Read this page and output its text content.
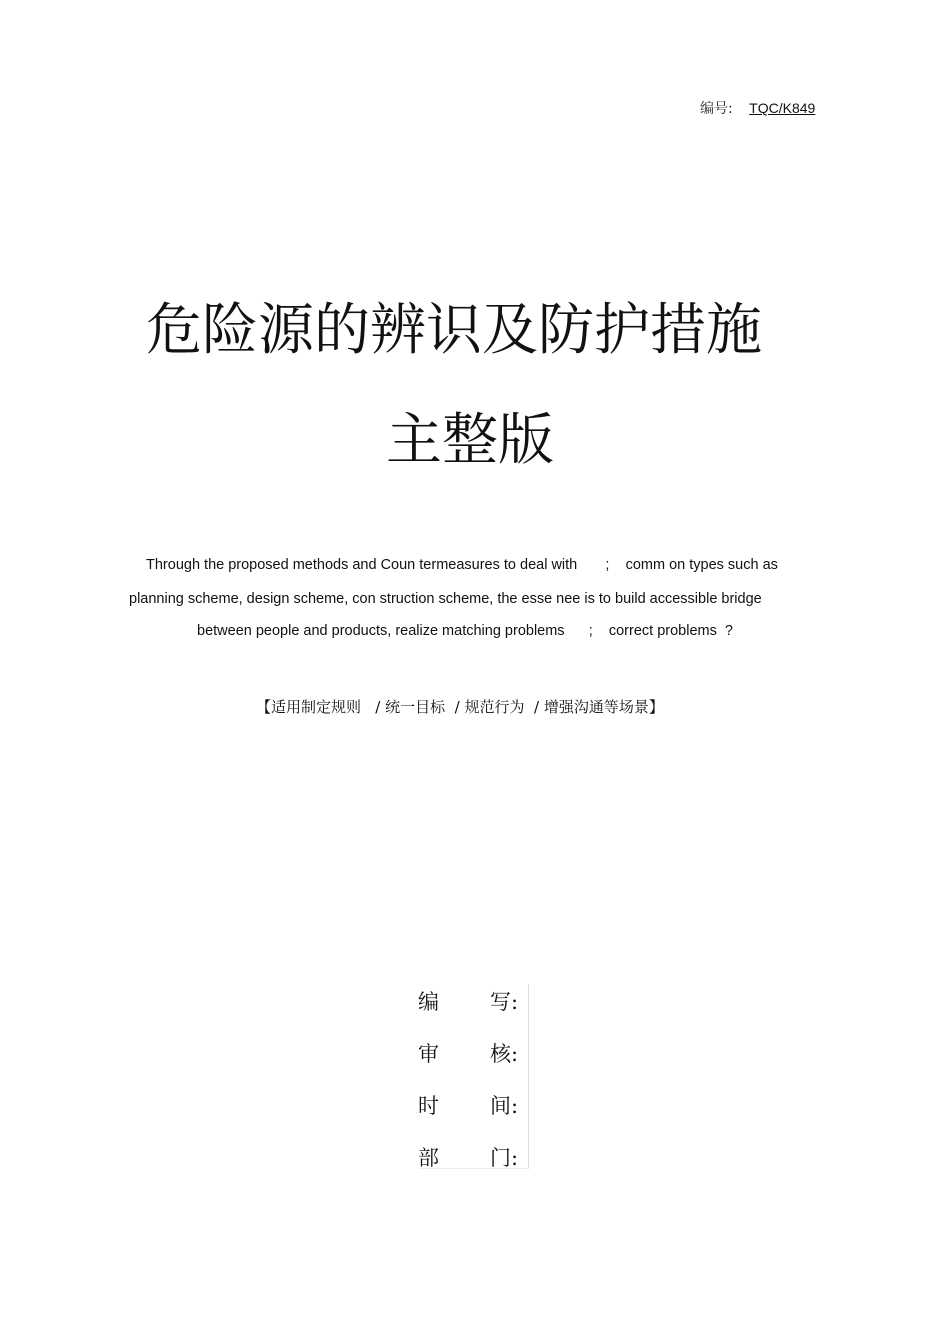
编号: TQC/K849
危险源的辨识及防护措施
主整版
Through the proposed methods and Coun termeasures to deal with       ;    comm on types such as
planning scheme, design scheme, con struction scheme, the esse nee is to build accessible bridge
between people and products, realize matching problems      ;    correct problems  ?
【适用制定规则   / 统一目标  / 规范行为  / 增强沟通等场景】
编 写:
审 核:
时 间:
部 门:
